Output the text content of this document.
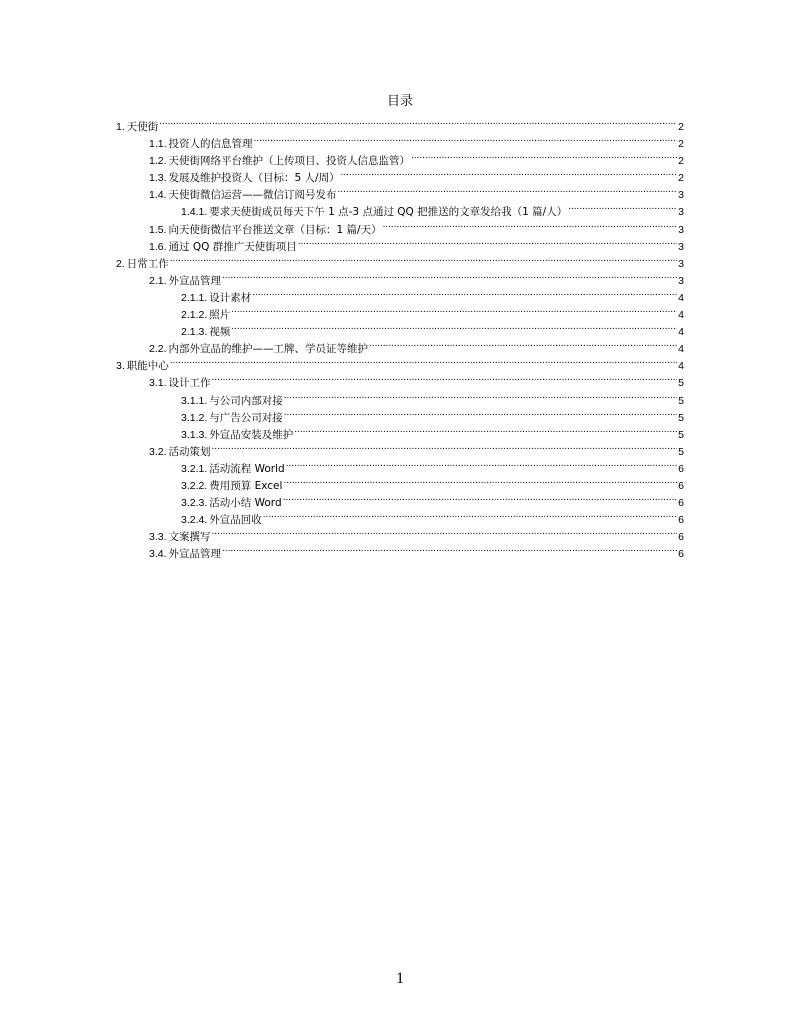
目录
1. 天使街 .....	2
1.1. 投资人的信息管理 .....	2
1.2. 天使街网络平台维护（上传项目、投资人信息监管） .....	2
1.3. 发展及维护投资人（目标：5 人/周） .....	2
1.4. 天使街微信运营——微信订阅号发布 .....	3
1.4.1. 要求天使街成员每天下午 1 点-3 点通过 QQ 把推送的文章发给我（1 篇/人） .....	3
1.5. 向天使街微信平台推送文章（目标：1 篇/天） .....	3
1.6. 通过 QQ 群推广天使街项目 .....	3
2. 日常工作 .....	3
2.1. 外宣品管理 .....	3
2.1.1. 设计素材 .....	4
2.1.2. 照片 .....	4
2.1.3. 视频 .....	4
2.2. 内部外宣品的维护——工牌、学员证等维护 .....	4
3. 职能中心 .....	4
3.1. 设计工作 .....	5
3.1.1. 与公司内部对接 .....	5
3.1.2. 与广告公司对接 .....	5
3.1.3. 外宣品安装及维护 .....	5
3.2. 活动策划 .....	5
3.2.1. 活动流程 World .....	6
3.2.2. 费用预算 Excel .....	6
3.2.3. 活动小结 Word .....	6
3.2.4. 外宣品回收 .....	6
3.3. 文案撰写 .....	6
3.4. 外宣品管理 .....	6
1
